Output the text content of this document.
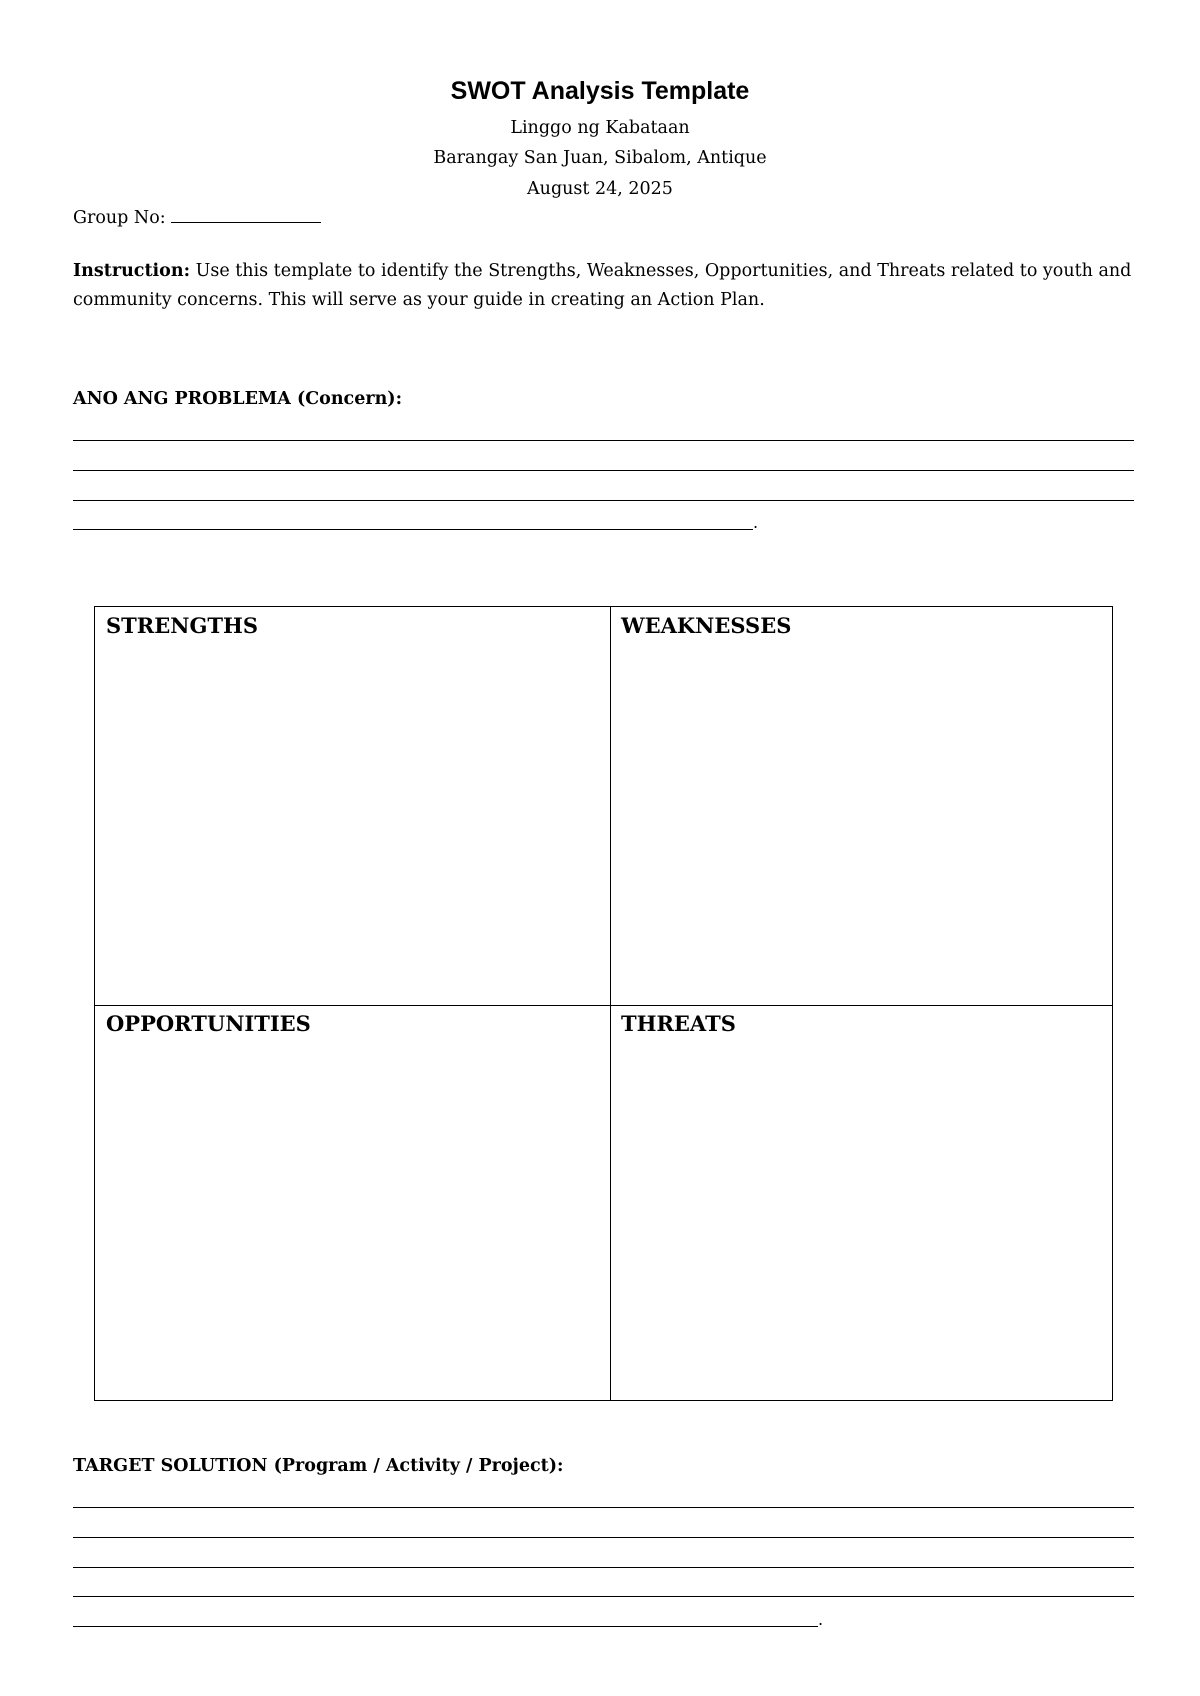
SWOT Analysis Template
Linggo ng Kabataan
Barangay San Juan, Sibalom, Antique
August 24, 2025
Group No:
Instruction: Use this template to identify the Strengths, Weaknesses, Opportunities, and Threats related to youth and community concerns. This will serve as your guide in creating an Action Plan.
ANO ANG PROBLEMA (Concern):
.
STRENGTHS	WEAKNESSES
OPPORTUNITIES	THREATS
TARGET SOLUTION (Program / Activity / Project):
.
